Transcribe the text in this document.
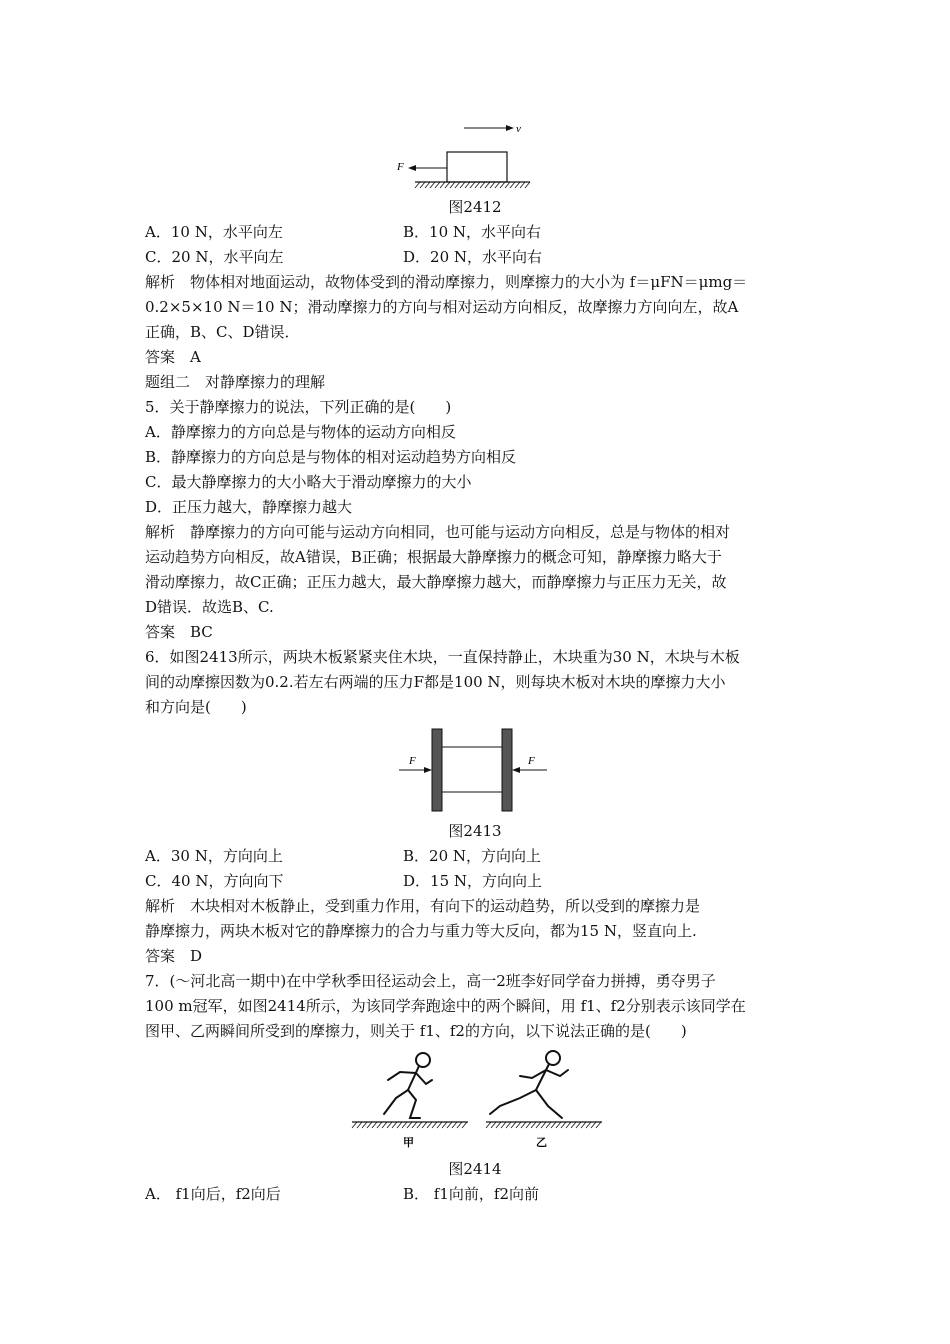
v
F
图2412
A．10 N，水平向左	B．10 N，水平向右
C．20 N，水平向左	D．20 N，水平向右
解析　物体相对地面运动，故物体受到的滑动摩擦力，则摩擦力的大小为 f＝μFN＝μmg＝
0.2×5×10 N＝10 N；滑动摩擦力的方向与相对运动方向相反，故摩擦力方向向左，故A
正确，B、C、D错误．
答案　A
题组二　对静摩擦力的理解
5．关于静摩擦力的说法，下列正确的是(　　)
A．静摩擦力的方向总是与物体的运动方向相反
B．静摩擦力的方向总是与物体的相对运动趋势方向相反
C．最大静摩擦力的大小略大于滑动摩擦力的大小
D．正压力越大，静摩擦力越大
解析　静摩擦力的方向可能与运动方向相同，也可能与运动方向相反，总是与物体的相对
运动趋势方向相反，故A错误，B正确；根据最大静摩擦力的概念可知，静摩擦力略大于
滑动摩擦力，故C正确；正压力越大，最大静摩擦力越大，而静摩擦力与正压力无关，故
D错误．故选B、C.
答案　BC
6．如图2413所示，两块木板紧紧夹住木块，一直保持静止，木块重为30 N，木块与木板
间的动摩擦因数为0.2.若左右两端的压力F都是100 N，则每块木板对木块的摩擦力大小
和方向是(　　)
F	F
图2413
A．30 N，方向向上	B．20 N，方向向上
C．40 N，方向向下	D．15 N，方向向上
解析　木块相对木板静止，受到重力作用，有向下的运动趋势，所以受到的摩擦力是
静摩擦力，两块木板对它的静摩擦力的合力与重力等大反向，都为15 N，竖直向上.
答案　D
7．(～河北高一期中)在中学秋季田径运动会上，高一2班李好同学奋力拼搏，勇夺男子
100 m冠军，如图2414所示，为该同学奔跑途中的两个瞬间，用 f1、f2分别表示该同学在
图甲、乙两瞬间所受到的摩擦力，则关于 f1、f2的方向，以下说法正确的是(　　)
甲	乙
图2414
A． f1向后，f2向后	B． f1向前，f2向前
